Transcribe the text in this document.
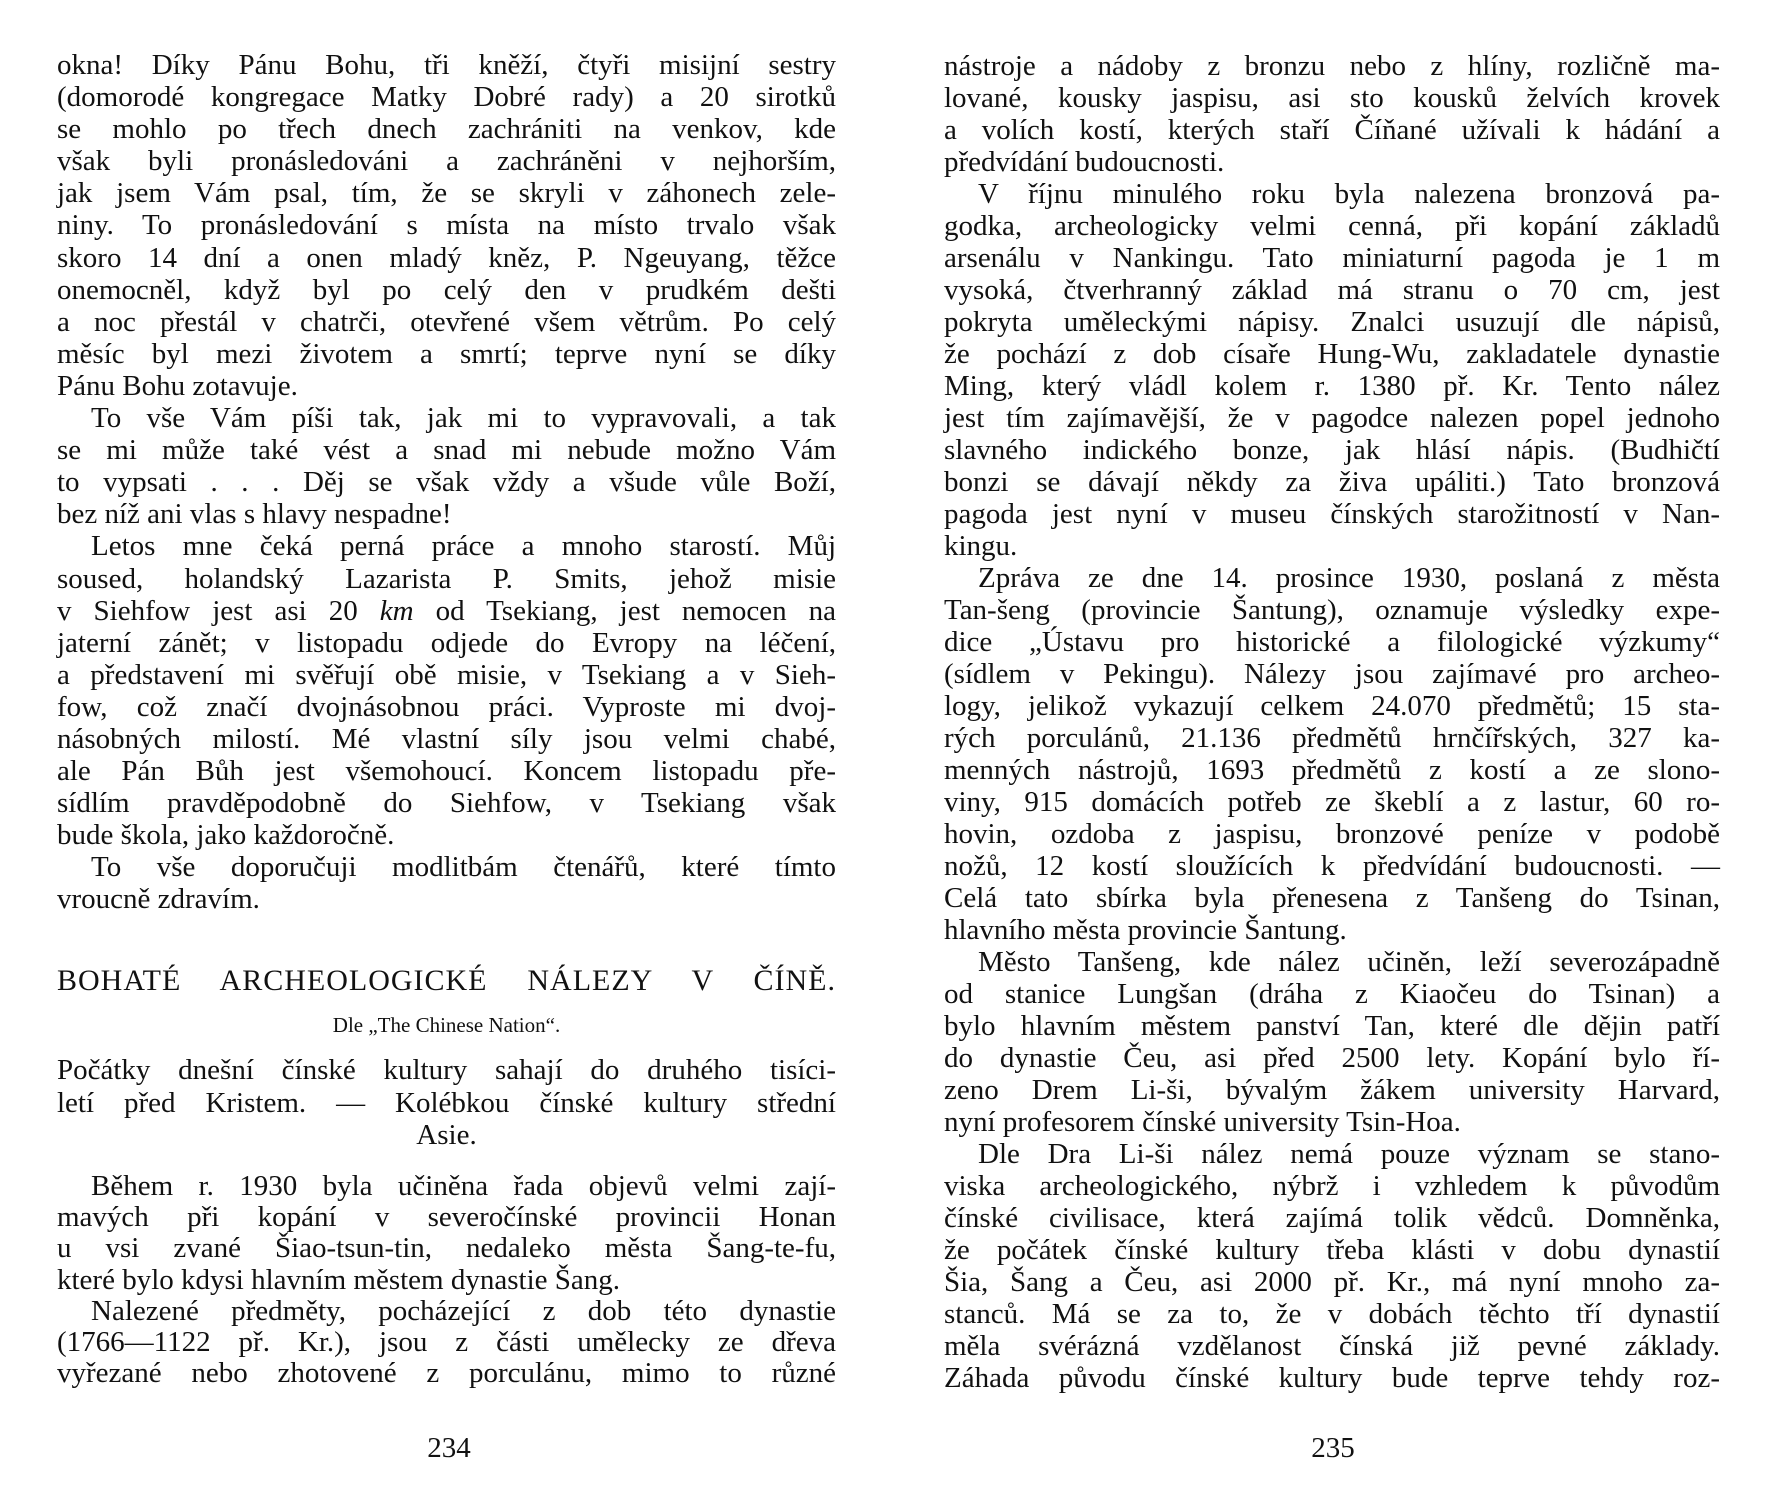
okna! Díky Pánu Bohu, tři kněží, čtyři misijní sestry
(domorodé kongregace Matky Dobré rady) a 20 sirotků
se mohlo po třech dnech zachrániti na venkov, kde
však byli pronásledováni a zachráněni v nejhorším,
jak jsem Vám psal, tím, že se skryli v záhonech zele-
niny. To pronásledování s místa na místo trvalo však
skoro 14 dní a onen mladý kněz, P. Ngeuyang, těžce
onemocněl, když byl po celý den v prudkém dešti
a noc přestál v chatrči, otevřené všem větrům. Po celý
měsíc byl mezi životem a smrtí; teprve nyní se díky
Pánu Bohu zotavuje.
To vše Vám píši tak, jak mi to vypravovali, a tak
se mi může také vést a snad mi nebude možno Vám
to vypsati . . . Děj se však vždy a všude vůle Boží,
bez níž ani vlas s hlavy nespadne!
Letos mne čeká perná práce a mnoho starostí. Můj
soused, holandský Lazarista P. Smits, jehož misie
v Siehfow jest asi 20 km od Tsekiang, jest nemocen na
jaterní zánět; v listopadu odjede do Evropy na léčení,
a představení mi svěřují obě misie, v Tsekiang a v Sieh-
fow, což značí dvojnásobnou práci. Vyproste mi dvoj-
násobných milostí. Mé vlastní síly jsou velmi chabé,
ale Pán Bůh jest všemohoucí. Koncem listopadu pře-
sídlím pravděpodobně do Siehfow, v Tsekiang však
bude škola, jako každoročně.
To vše doporučuji modlitbám čtenářů, které tímto
vroucně zdravím.
BOHATÉ ARCHEOLOGICKÉ NÁLEZY V ČÍNĚ.
Dle „The Chinese Nation“.
Počátky dnešní čínské kultury sahají do druhého tisíci-
letí před Kristem. — Kolébkou čínské kultury střední
Asie.
Během r. 1930 byla učiněna řada objevů velmi zají-
mavých při kopání v severočínské provincii Honan
u vsi zvané Šiao-tsun-tin, nedaleko města Šang-te-fu,
které bylo kdysi hlavním městem dynastie Šang.
Nalezené předměty, pocházející z dob této dynastie
(1766—1122 př. Kr.), jsou z části umělecky ze dřeva
vyřezané nebo zhotovené z porculánu, mimo to různé
234
nástroje a nádoby z bronzu nebo z hlíny, rozličně ma-
lované, kousky jaspisu, asi sto kousků želvích krovek
a volích kostí, kterých staří Číňané užívali k hádání a
předvídání budoucnosti.
V říjnu minulého roku byla nalezena bronzová pa-
godka, archeologicky velmi cenná, při kopání základů
arsenálu v Nankingu. Tato miniaturní pagoda je 1 m
vysoká, čtverhranný základ má stranu o 70 cm, jest
pokryta uměleckými nápisy. Znalci usuzují dle nápisů,
že pochází z dob císaře Hung-Wu, zakladatele dynastie
Ming, který vládl kolem r. 1380 př. Kr. Tento nález
jest tím zajímavější, že v pagodce nalezen popel jednoho
slavného indického bonze, jak hlásí nápis. (Budhičtí
bonzi se dávají někdy za živa upáliti.) Tato bronzová
pagoda jest nyní v museu čínských starožitností v Nan-
kingu.
Zpráva ze dne 14. prosince 1930, poslaná z města
Tan-šeng (provincie Šantung), oznamuje výsledky expe-
dice „Ústavu pro historické a filologické výzkumy“
(sídlem v Pekingu). Nálezy jsou zajímavé pro archeo-
logy, jelikož vykazují celkem 24.070 předmětů; 15 sta-
rých porculánů, 21.136 předmětů hrnčířských, 327 ka-
menných nástrojů, 1693 předmětů z kostí a ze slono-
viny, 915 domácích potřeb ze škeblí a z lastur, 60 ro-
hovin, ozdoba z jaspisu, bronzové peníze v podobě
nožů, 12 kostí sloužících k předvídání budoucnosti. —
Celá tato sbírka byla přenesena z Tanšeng do Tsinan,
hlavního města provincie Šantung.
Město Tanšeng, kde nález učiněn, leží severozápadně
od stanice Lungšan (dráha z Kiaočeu do Tsinan) a
bylo hlavním městem panství Tan, které dle dějin patří
do dynastie Čeu, asi před 2500 lety. Kopání bylo ří-
zeno Drem Li-ši, bývalým žákem university Harvard,
nyní profesorem čínské university Tsin-Hoa.
Dle Dra Li-ši nález nemá pouze význam se stano-
viska archeologického, nýbrž i vzhledem k původům
čínské civilisace, která zajímá tolik vědců. Domněnka,
že počátek čínské kultury třeba klásti v dobu dynastií
Šia, Šang a Čeu, asi 2000 př. Kr., má nyní mnoho za-
stanců. Má se za to, že v dobách těchto tří dynastií
měla svérázná vzdělanost čínská již pevné základy.
Záhada původu čínské kultury bude teprve tehdy roz-
235
